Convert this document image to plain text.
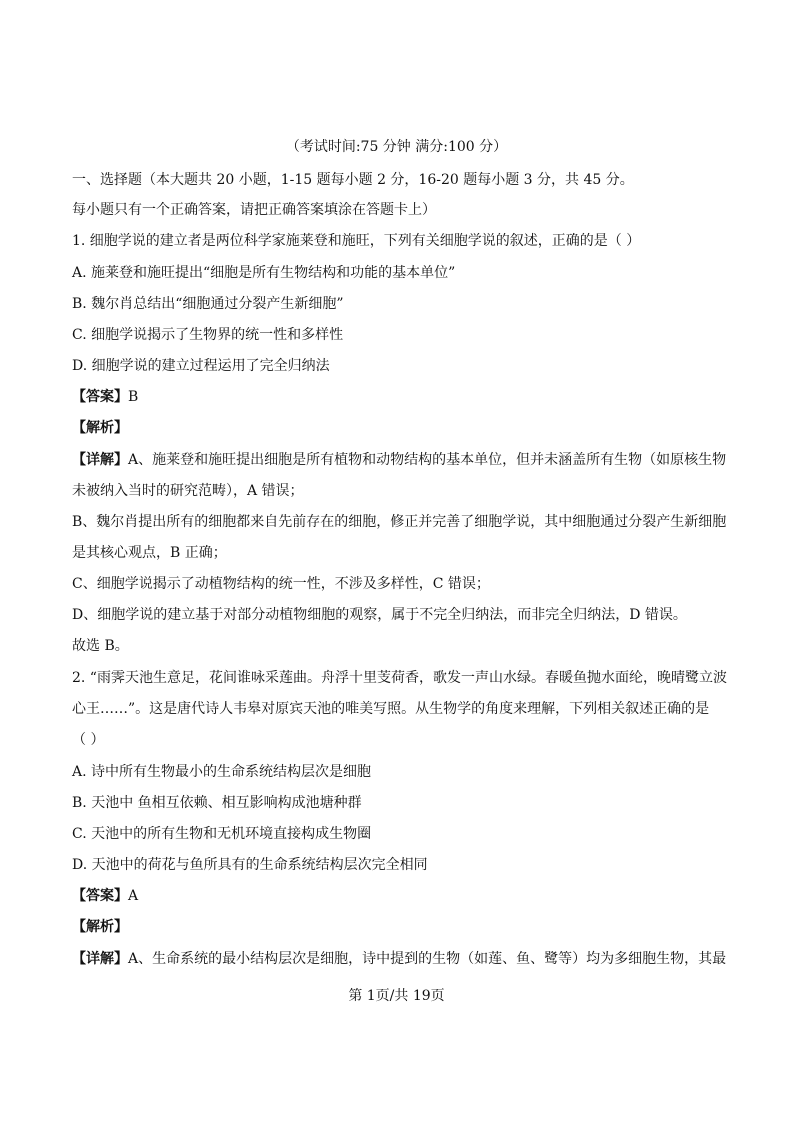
（考试时间:75 分钟 满分:100 分）
一、选择题（本大题共 20 小题，1-15 题每小题 2 分，16-20 题每小题 3 分，共 45 分。
每小题只有一个正确答案，请把正确答案填涂在答题卡上）
1. 细胞学说的建立者是两位科学家施莱登和施旺，下列有关细胞学说的叙述，正确的是（ ）
A. 施莱登和施旺提出“细胞是所有生物结构和功能的基本单位”
B. 魏尔肖总结出“细胞通过分裂产生新细胞”
C. 细胞学说揭示了生物界的统一性和多样性
D. 细胞学说的建立过程运用了完全归纳法
【答案】B
【解析】
【详解】A、施莱登和施旺提出细胞是所有植物和动物结构的基本单位，但并未涵盖所有生物（如原核生物
未被纳入当时的研究范畴），A 错误；
B、魏尔肖提出所有的细胞都来自先前存在的细胞，修正并完善了细胞学说，其中细胞通过分裂产生新细胞
是其核心观点，B 正确；
C、细胞学说揭示了动植物结构的统一性，不涉及多样性，C 错误；
D、细胞学说的建立基于对部分动植物细胞的观察，属于不完全归纳法，而非完全归纳法，D 错误。
故选 B。
2. “雨霁天池生意足，花间谁咏采莲曲。舟浮十里芰荷香，歌发一声山水绿。春暖鱼抛水面纶，晚晴鹭立波
心王……”。这是唐代诗人韦皋对原宾天池的唯美写照。从生物学的角度来理解，下列相关叙述正确的是
（ ）
A. 诗中所有生物最小的生命系统结构层次是细胞
B. 天池中 鱼相互依赖、相互影响构成池塘种群
C. 天池中的所有生物和无机环境直接构成生物圈
D. 天池中的荷花与鱼所具有的生命系统结构层次完全相同
【答案】A
【解析】
【详解】A、生命系统的最小结构层次是细胞，诗中提到的生物（如莲、鱼、鹭等）均为多细胞生物，其最
第 1页/共 19页
